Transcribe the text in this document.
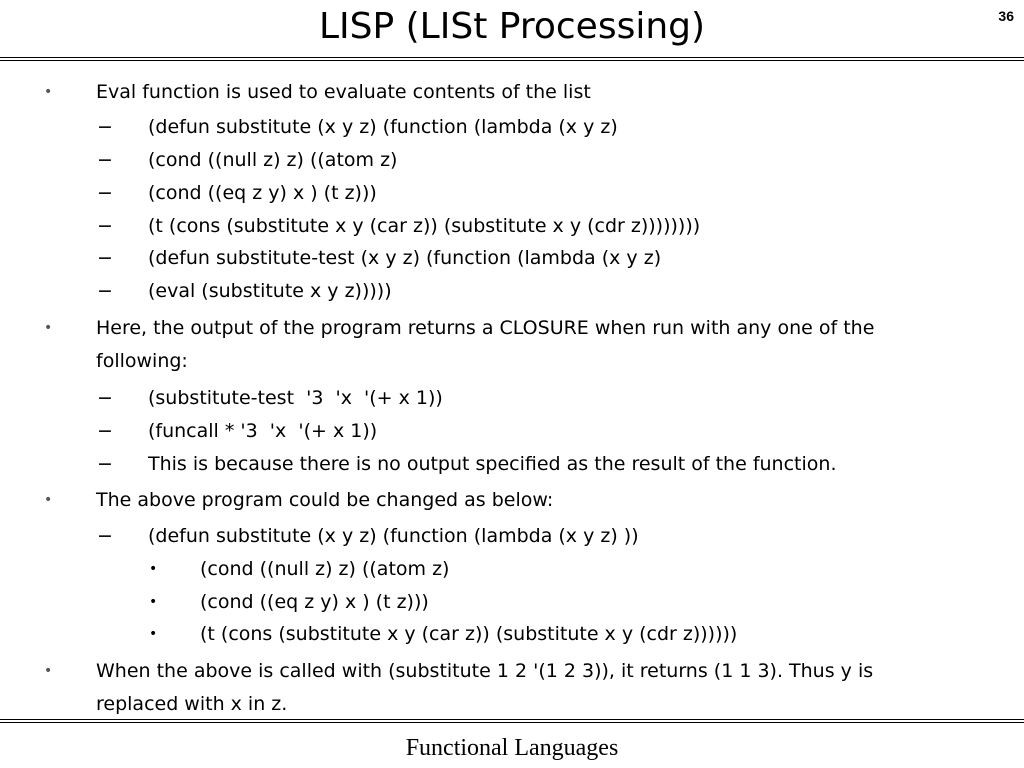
LISP (LISt Processing)	36
• Eval function is used to evaluate contents of the list
− (defun substitute (x y z) (function (lambda (x y z)
− (cond ((null z) z) ((atom z)
− (cond ((eq z y) x ) (t z)))
− (t (cons (substitute x y (car z)) (substitute x y (cdr z))))))))
− (defun substitute-test (x y z) (function (lambda (x y z)
− (eval (substitute x y z)))))
• Here, the output of the program returns a CLOSURE when run with any one of the
following:
− (substitute-test  '3  'x  '(+ x 1))
− (funcall * '3  'x  '(+ x 1))
− This is because there is no output specified as the result of the function.
• The above program could be changed as below:
− (defun substitute (x y z) (function (lambda (x y z) ))
• (cond ((null z) z) ((atom z)
• (cond ((eq z y) x ) (t z)))
• (t (cons (substitute x y (car z)) (substitute x y (cdr z))))))
• When the above is called with (substitute 1 2 '(1 2 3)), it returns (1 1 3). Thus y is
replaced with x in z.
Functional Languages
